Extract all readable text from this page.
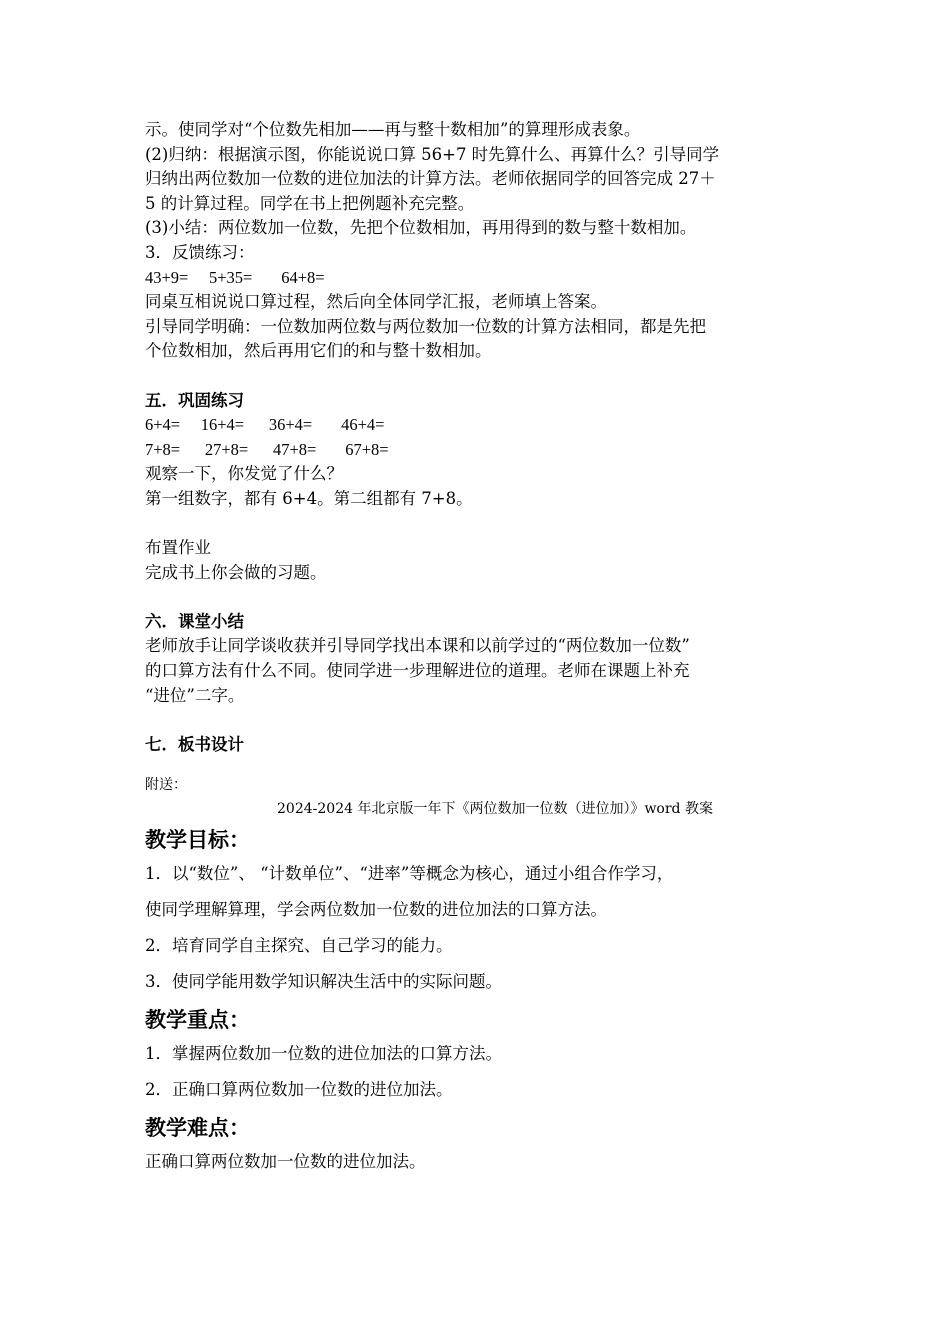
示。使同学对“个位数先相加——再与整十数相加”的算理形成表象。

(2)归纳：根据演示图，你能说说口算 56+7 时先算什么、再算什么？引导同学

归纳出两位数加一位数的进位加法的计算方法。老师依据同学的回答完成 27＋

5 的计算过程。同学在书上把例题补充完整。

(3)小结：两位数加一位数，先把个位数相加，再用得到的数与整十数相加。

3．反馈练习：

43+9=     5+35=       64+8=

同桌互相说说口算过程，然后向全体同学汇报，老师填上答案。

引导同学明确：一位数加两位数与两位数加一位数的计算方法相同，都是先把

个位数相加，然后再用它们的和与整十数相加。

五．巩固练习

6+4=     16+4=      36+4=       46+4=

7+8=      27+8=      47+8=       67+8=

观察一下，你发觉了什么？

第一组数字，都有 6+4。第二组都有 7+8。

布置作业

完成书上你会做的习题。

六．课堂小结

老师放手让同学谈收获并引导同学找出本课和以前学过的“两位数加一位数”

的口算方法有什么不同。使同学进一步理解进位的道理。老师在课题上补充

“进位”二字。

七．板书设计

附送：

2024-2024 年北京版一年下《两位数加一位数（进位加）》word 教案

教学目标：

1．以“数位”、 “计数单位”、“进率”等概念为核心，通过小组合作学习，

使同学理解算理，学会两位数加一位数的进位加法的口算方法。

2．培育同学自主探究、自己学习的能力。

3．使同学能用数学知识解决生活中的实际问题。

教学重点：

1．掌握两位数加一位数的进位加法的口算方法。

2．正确口算两位数加一位数的进位加法。

教学难点：

正确口算两位数加一位数的进位加法。
